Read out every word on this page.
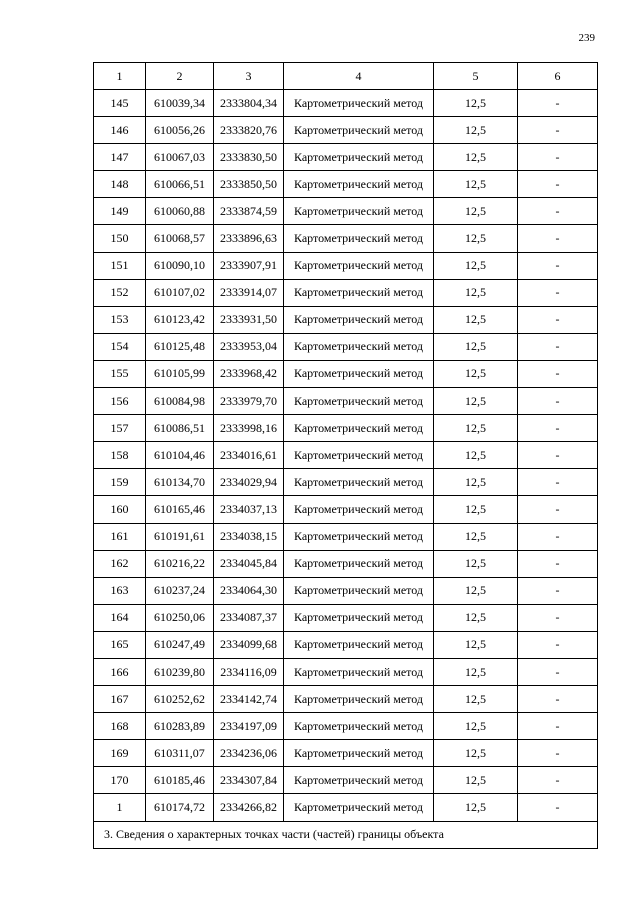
239
1	2	3	4	5	6
145	610039,34	2333804,34	Картометрический метод	12,5	-
146	610056,26	2333820,76	Картометрический метод	12,5	-
147	610067,03	2333830,50	Картометрический метод	12,5	-
148	610066,51	2333850,50	Картометрический метод	12,5	-
149	610060,88	2333874,59	Картометрический метод	12,5	-
150	610068,57	2333896,63	Картометрический метод	12,5	-
151	610090,10	2333907,91	Картометрический метод	12,5	-
152	610107,02	2333914,07	Картометрический метод	12,5	-
153	610123,42	2333931,50	Картометрический метод	12,5	-
154	610125,48	2333953,04	Картометрический метод	12,5	-
155	610105,99	2333968,42	Картометрический метод	12,5	-
156	610084,98	2333979,70	Картометрический метод	12,5	-
157	610086,51	2333998,16	Картометрический метод	12,5	-
158	610104,46	2334016,61	Картометрический метод	12,5	-
159	610134,70	2334029,94	Картометрический метод	12,5	-
160	610165,46	2334037,13	Картометрический метод	12,5	-
161	610191,61	2334038,15	Картометрический метод	12,5	-
162	610216,22	2334045,84	Картометрический метод	12,5	-
163	610237,24	2334064,30	Картометрический метод	12,5	-
164	610250,06	2334087,37	Картометрический метод	12,5	-
165	610247,49	2334099,68	Картометрический метод	12,5	-
166	610239,80	2334116,09	Картометрический метод	12,5	-
167	610252,62	2334142,74	Картометрический метод	12,5	-
168	610283,89	2334197,09	Картометрический метод	12,5	-
169	610311,07	2334236,06	Картометрический метод	12,5	-
170	610185,46	2334307,84	Картометрический метод	12,5	-
1	610174,72	2334266,82	Картометрический метод	12,5	-
3. Сведения о характерных точках части (частей) границы объекта					
